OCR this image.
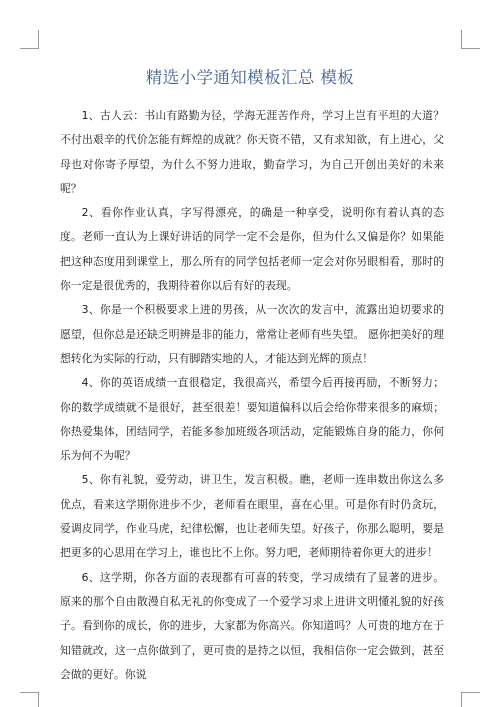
精选小学通知模板汇总 模板

1、古人云：书山有路勤为径，学海无涯苦作舟，学习上岂有平坦的大道？不付出艰辛的代价怎能有辉煌的成就？你天资不错，又有求知欲，有上进心，父母也对你寄予厚望，为什么不努力进取，勤奋学习，为自己开创出美好的未来呢？

2、看你作业认真，字写得漂亮，的确是一种享受，说明你有着认真的态度。老师一直认为上课好讲话的同学一定不会是你，但为什么又偏是你？如果能把这种态度用到课堂上，那么所有的同学包括老师一定会对你另眼相看，那时的你一定是很优秀的，我期待着你以后有好的表现。

3、你是一个积极要求上进的男孩，从一次次的发言中，流露出迫切要求的愿望，但你总是还缺乏明辨是非的能力，常常让老师有些失望。 愿你把美好的理想转化为实际的行动，只有脚踏实地的人，才能达到光辉的顶点！

4、你的英语成绩一直很稳定，我很高兴，希望今后再接再励，不断努力；你的数学成绩就不是很好，甚至很差！要知道偏科以后会给你带来很多的麻烦；你热爱集体，团结同学，若能多参加班级各项活动，定能锻炼自身的能力，你何乐为何不为呢？

5、你有礼貌，爱劳动，讲卫生，发言积极。瞧，老师一连串数出你这么多优点，看来这学期你进步不少，老师看在眼里，喜在心里。可是你有时仍贪玩，爱调皮同学，作业马虎，纪律松懈，也让老师失望。好孩子，你那么聪明，要是把更多的心思用在学习上，谁也比不上你。努力吧，老师期待着你更大的进步！

6、这学期，你各方面的表现都有可喜的转变，学习成绩有了显著的进步。原来的那个自由散漫自私无礼的你变成了一个爱学习求上进讲文明懂礼貌的好孩子。看到你的成长，你的进步，大家都为你高兴。你知道吗？人可贵的地方在于知错就改，这一点你做到了，更可贵的是持之以恒，我相信你一定会做到，甚至会做的更好。你说
